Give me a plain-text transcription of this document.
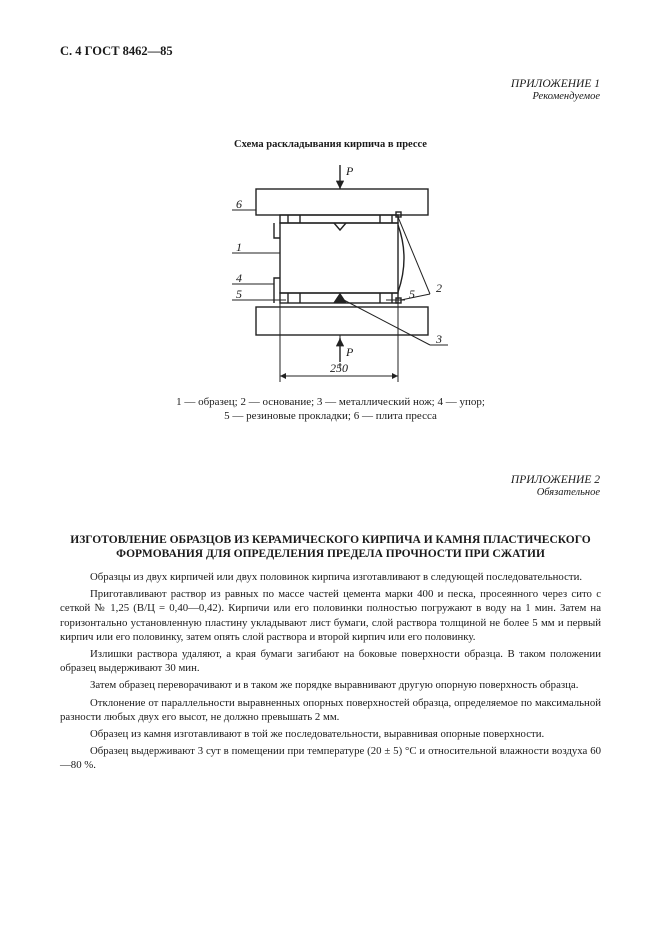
С. 4 ГОСТ 8462—85
ПРИЛОЖЕНИЕ 1
Рекомендуемое
Схема раскладывания кирпича в прессе
P
P
6
1
4
5	5 2
3
250
1 — образец; 2 — основание; 3 — металлический нож; 4 — упор;
5 — резиновые прокладки; 6 — плита пресса
ПРИЛОЖЕНИЕ 2
Обязательное
ИЗГОТОВЛЕНИЕ ОБРАЗЦОВ ИЗ КЕРАМИЧЕСКОГО КИРПИЧА И КАМНЯ ПЛАСТИЧЕСКОГО
ФОРМОВАНИЯ ДЛЯ ОПРЕДЕЛЕНИЯ ПРЕДЕЛА ПРОЧНОСТИ ПРИ СЖАТИИ

Образцы из двух кирпичей или двух половинок кирпича изготавливают в следующей последовательности.

Приготавливают раствор из равных по массе частей цемента марки 400 и песка, просеянного через сито с сеткой № 1,25 (В/Ц = 0,40—0,42). Кирпичи или его половинки полностью погружают в воду на 1 мин. Затем на горизонтально установленную пластину укладывают лист бумаги, слой раствора толщиной не более 5 мм и первый кирпич или его половинку, затем опять слой раствора и второй кирпич или его половинку.

Излишки раствора удаляют, а края бумаги загибают на боковые поверхности образца. В таком положении образец выдерживают 30 мин.

Затем образец переворачивают и в таком же порядке выравнивают другую опорную поверхность образца.

Отклонение от параллельности выравненных опорных поверхностей образца, определяемое по максимальной разности любых двух его высот, не должно превышать 2 мм.

Образец из камня изготавливают в той же последовательности, выравнивая опорные поверхности.

Образец выдерживают 3 сут в помещении при температуре (20 ± 5) °С и относительной влажности воздуха 60—80 %.
